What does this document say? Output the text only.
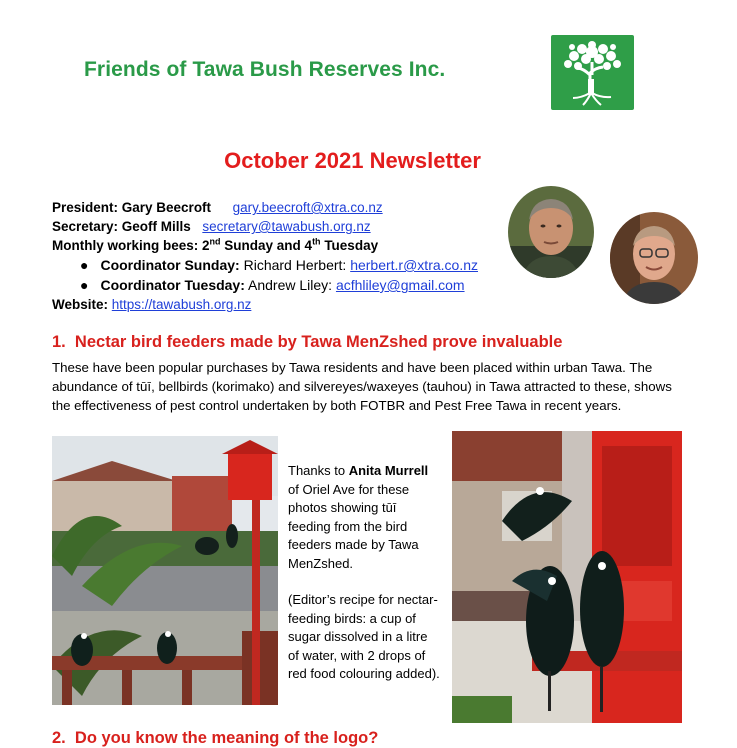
Friends of Tawa Bush Reserves Inc.
October 2021 Newsletter
President: Gary Beecroft gary.beecroft@xtra.co.nz
Secretary: Geoff Mills secretary@tawabush.org.nz
Monthly working bees: 2nd Sunday and 4th Tuesday
● Coordinator Sunday: Richard Herbert: herbert.r@xtra.co.nz
● Coordinator Tuesday: Andrew Liley: acfhliley@gmail.com
Website: https://tawabush.org.nz
1.  Nectar bird feeders made by Tawa MenZshed prove invaluable
These have been popular purchases by Tawa residents and have been placed within urban Tawa. The abundance of tūī, bellbirds (korimako) and silvereyes/waxeyes (tauhou) in Tawa attracted to these, shows the effectiveness of pest control undertaken by both FOTBR and Pest Free Tawa in recent years.

Thanks to Anita Murrell of Oriel Ave for these photos showing tūī feeding from the bird feeders made by Tawa MenZshed.

(Editor’s recipe for nectar-feeding birds: a cup of sugar dissolved in a litre of water, with 2 drops of red food colouring added).

2.  Do you know the meaning of the logo?
